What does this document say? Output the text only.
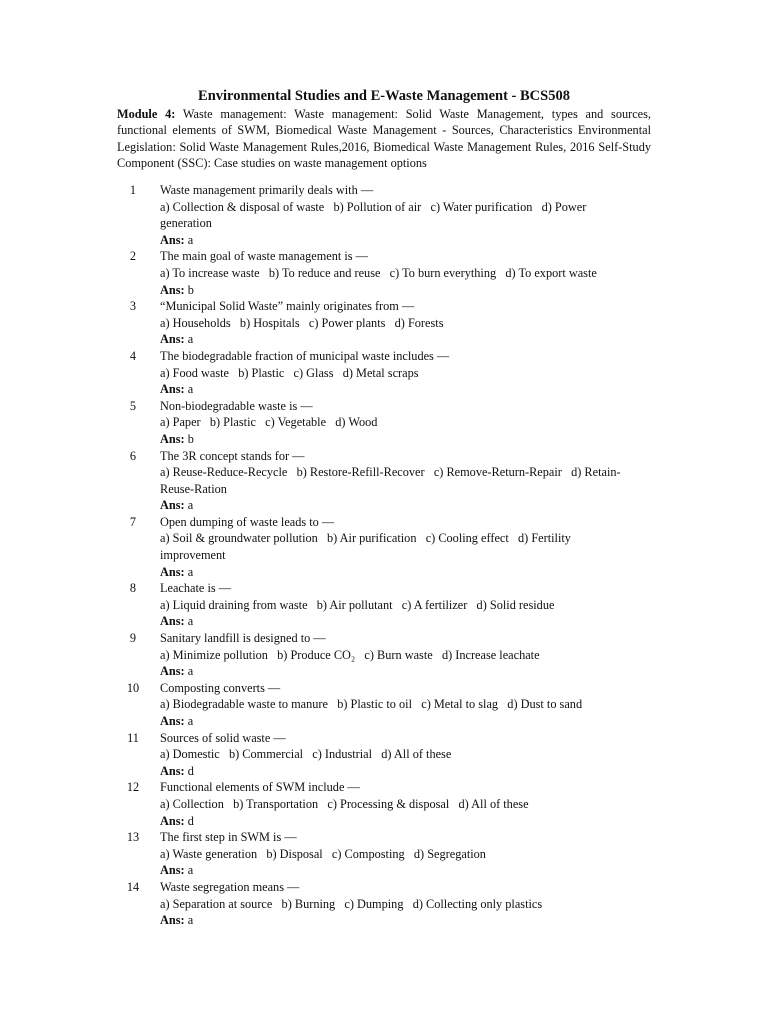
Environmental Studies and E-Waste Management - BCS508
Module 4: Waste management: Waste management: Solid Waste Management, types and sources, functional elements of SWM, Biomedical Waste Management - Sources, Characteristics Environmental Legislation: Solid Waste Management Rules,2016, Biomedical Waste Management Rules, 2016 Self-Study Component (SSC): Case studies on waste management options
1	Waste management primarily deals with —
a) Collection & disposal of waste   b) Pollution of air   c) Water purification   d) Power generation
Ans: a
2	The main goal of waste management is —
a) To increase waste   b) To reduce and reuse   c) To burn everything   d) To export waste
Ans: b
3	“Municipal Solid Waste” mainly originates from —
a) Households   b) Hospitals   c) Power plants   d) Forests
Ans: a
4	The biodegradable fraction of municipal waste includes —
a) Food waste   b) Plastic   c) Glass   d) Metal scraps
Ans: a
5	Non-biodegradable waste is —
a) Paper   b) Plastic   c) Vegetable   d) Wood
Ans: b
6	The 3R concept stands for —
a) Reuse-Reduce-Recycle   b) Restore-Refill-Recover   c) Remove-Return-Repair   d) Retain-Reuse-Ration
Ans: a
7	Open dumping of waste leads to —
a) Soil & groundwater pollution   b) Air purification   c) Cooling effect   d) Fertility improvement
Ans: a
8	Leachate is —
a) Liquid draining from waste   b) Air pollutant   c) A fertilizer   d) Solid residue
Ans: a
9	Sanitary landfill is designed to —
a) Minimize pollution   b) Produce CO₂   c) Burn waste   d) Increase leachate
Ans: a
10	Composting converts —
a) Biodegradable waste to manure   b) Plastic to oil   c) Metal to slag   d) Dust to sand
Ans: a
11	Sources of solid waste —
a) Domestic   b) Commercial   c) Industrial   d) All of these
Ans: d
12	Functional elements of SWM include —
a) Collection   b) Transportation   c) Processing & disposal   d) All of these
Ans: d
13	The first step in SWM is —
a) Waste generation   b) Disposal   c) Composting   d) Segregation
Ans: a
14	Waste segregation means —
a) Separation at source   b) Burning   c) Dumping   d) Collecting only plastics
Ans: a
